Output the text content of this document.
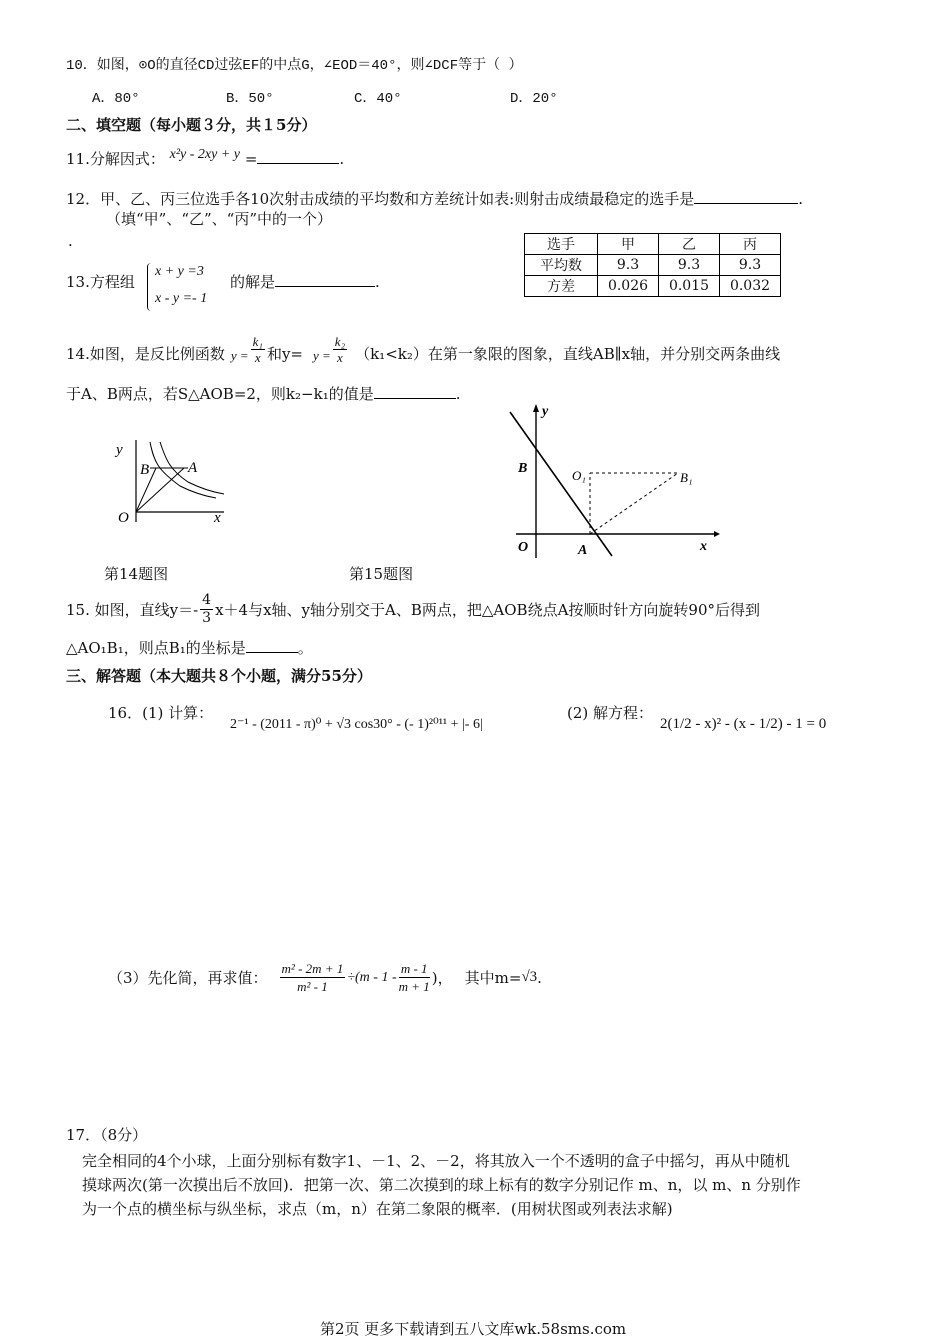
10．如图，⊙O的直径CD过弦EF的中点G，∠EOD＝40°，则∠DCF等于（ ）
A．80°	B．50°	C．40°	D．20°
二、填空题（每小题３分，共１5分）
11.分解因式： x²y - 2xy + y =	.
12．甲、乙、丙三位选手各10次射击成绩的平均数和方差统计如表:则射击成绩最稳定的选手是	.
（填“甲”、“乙”、“丙”中的一个）
.	选手	甲	乙	丙
平均数	9.3	9.3	9.3
方差	0.026	0.015	0.032
13.方程组
x + y =3
x - y =- 1
的解是	.
14.如图，是反比例函数 $y = \frac{\text{k₁}}{x}$ 和$y= y = \frac{\text{k₂}}{x} (k_1<k_2)$在第一象限的图象，直线AB∥x轴，并分别交两条曲线
于A、B两点，若S△AOB=2，则k₂−k₁的值是	.
y
x
O
B	A
y
x
O	A
B	O₁	B₁
第14题图	第15题图
15. 如图，直线$y=- \frac{4}{3} x+4$与x轴、y轴分别交于A、B两点，把△AOB绕点A按顺时针方向旋转90°后得到
△AO₁B₁，则点B₁的坐标是	。
三、解答题（本大题共８个小题，满分55分）
16．(1) 计算：
2⁻¹ - (2011 - π)⁰ + √3 cos30° - (- 1)²⁰¹¹ + |- 6|
(2) 解方程：
2(1/2 - x)² - (x - 1/2) - 1 = 0
（3）先化简，再求值： $\frac{\text{m² - 2m + 1}}{\text{m² - 1}} \div(m - 1 - \frac{m - 1}{m + 1}$ )， 其中m= √3 .
17．（8分）
完全相同的4个小球，上面分别标有数字1、－1、2、－2，将其放入一个不透明的盒子中摇匀，再从中随机
摸球两次(第一次摸出后不放回)．把第一次、第二次摸到的球上标有的数字分别记作 m、n，以 m、n 分别作
为一个点的横坐标与纵坐标，求点（m，n）在第二象限的概率．(用树状图或列表法求解)
第2页 更多下载请到五八文库wk.58sms.com
